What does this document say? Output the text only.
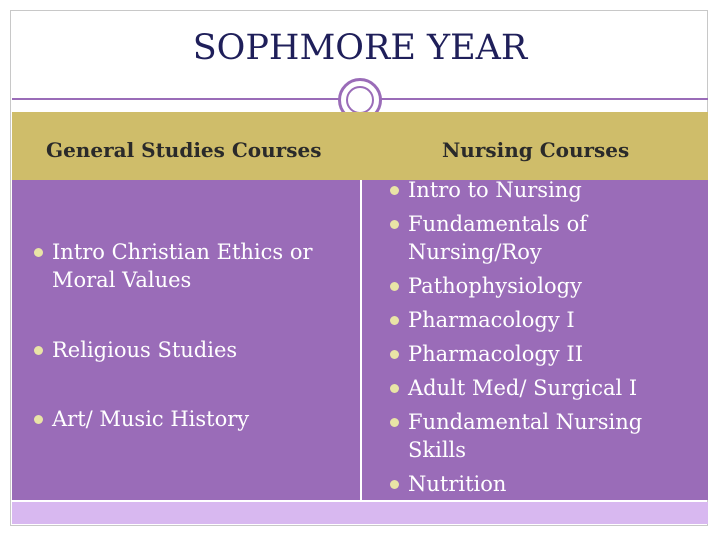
SOPHMORE YEAR
General Studies Courses	Nursing Courses
Intro Christian Ethics or Moral Values
Religious Studies
Art/ Music History
Intro to Nursing
Fundamentals of Nursing/Roy
Pathophysiology
Pharmacology I
Pharmacology II
Adult Med/ Surgical I
Fundamental Nursing Skills
Nutrition
